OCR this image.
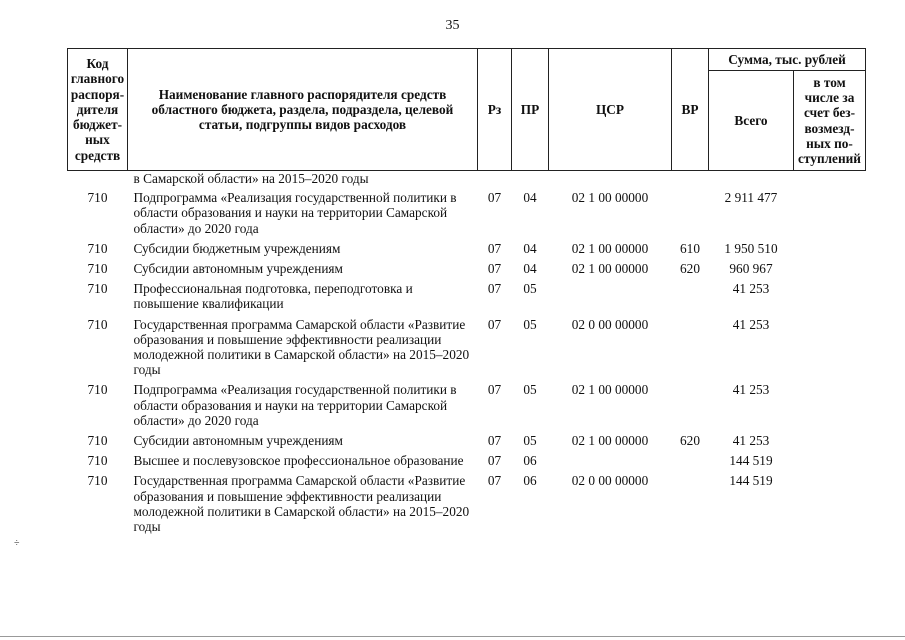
35
Код главного распоря-дителя бюджет-ных средств	Наименование главного распорядителя средств областного бюджета, раздела, подраздела, целевой статьи, подгруппы видов расходов	Рз	ПР	ЦСР	ВР	Сумма, тыс. рублей	
						Всего	в том числе за счет без-возмезд-ных по-ступлений
	в Самарской области» на 2015–2020 годы						
710	Подпрограмма «Реализация государственной политики в области образования и науки на территории Самарской области» до 2020 года	07	04	02 1 00 00000		2 911 477	
710	Субсидии бюджетным учреждениям	07	04	02 1 00 00000	610	1 950 510	
710	Субсидии автономным учреждениям	07	04	02 1 00 00000	620	960 967	
710	Профессиональная подготовка, переподготовка и повышение квалификации	07	05			41 253	
710	Государственная программа Самарской области «Развитие образования и повышение эффективности реализации молодежной политики в Самарской области» на 2015–2020 годы	07	05	02 0 00 00000		41 253	
710	Подпрограмма «Реализация государственной политики в области образования и науки на территории Самарской области» до 2020 года	07	05	02 1 00 00000		41 253	
710	Субсидии автономным учреждениям	07	05	02 1 00 00000	620	41 253	
710	Высшее и послевузовское профессиональное образование	07	06			144 519	
710	Государственная программа Самарской области «Развитие образования и повышение эффективности реализации молодежной политики в Самарской области» на 2015–2020 годы	07	06	02 0 00 00000		144 519	
÷
